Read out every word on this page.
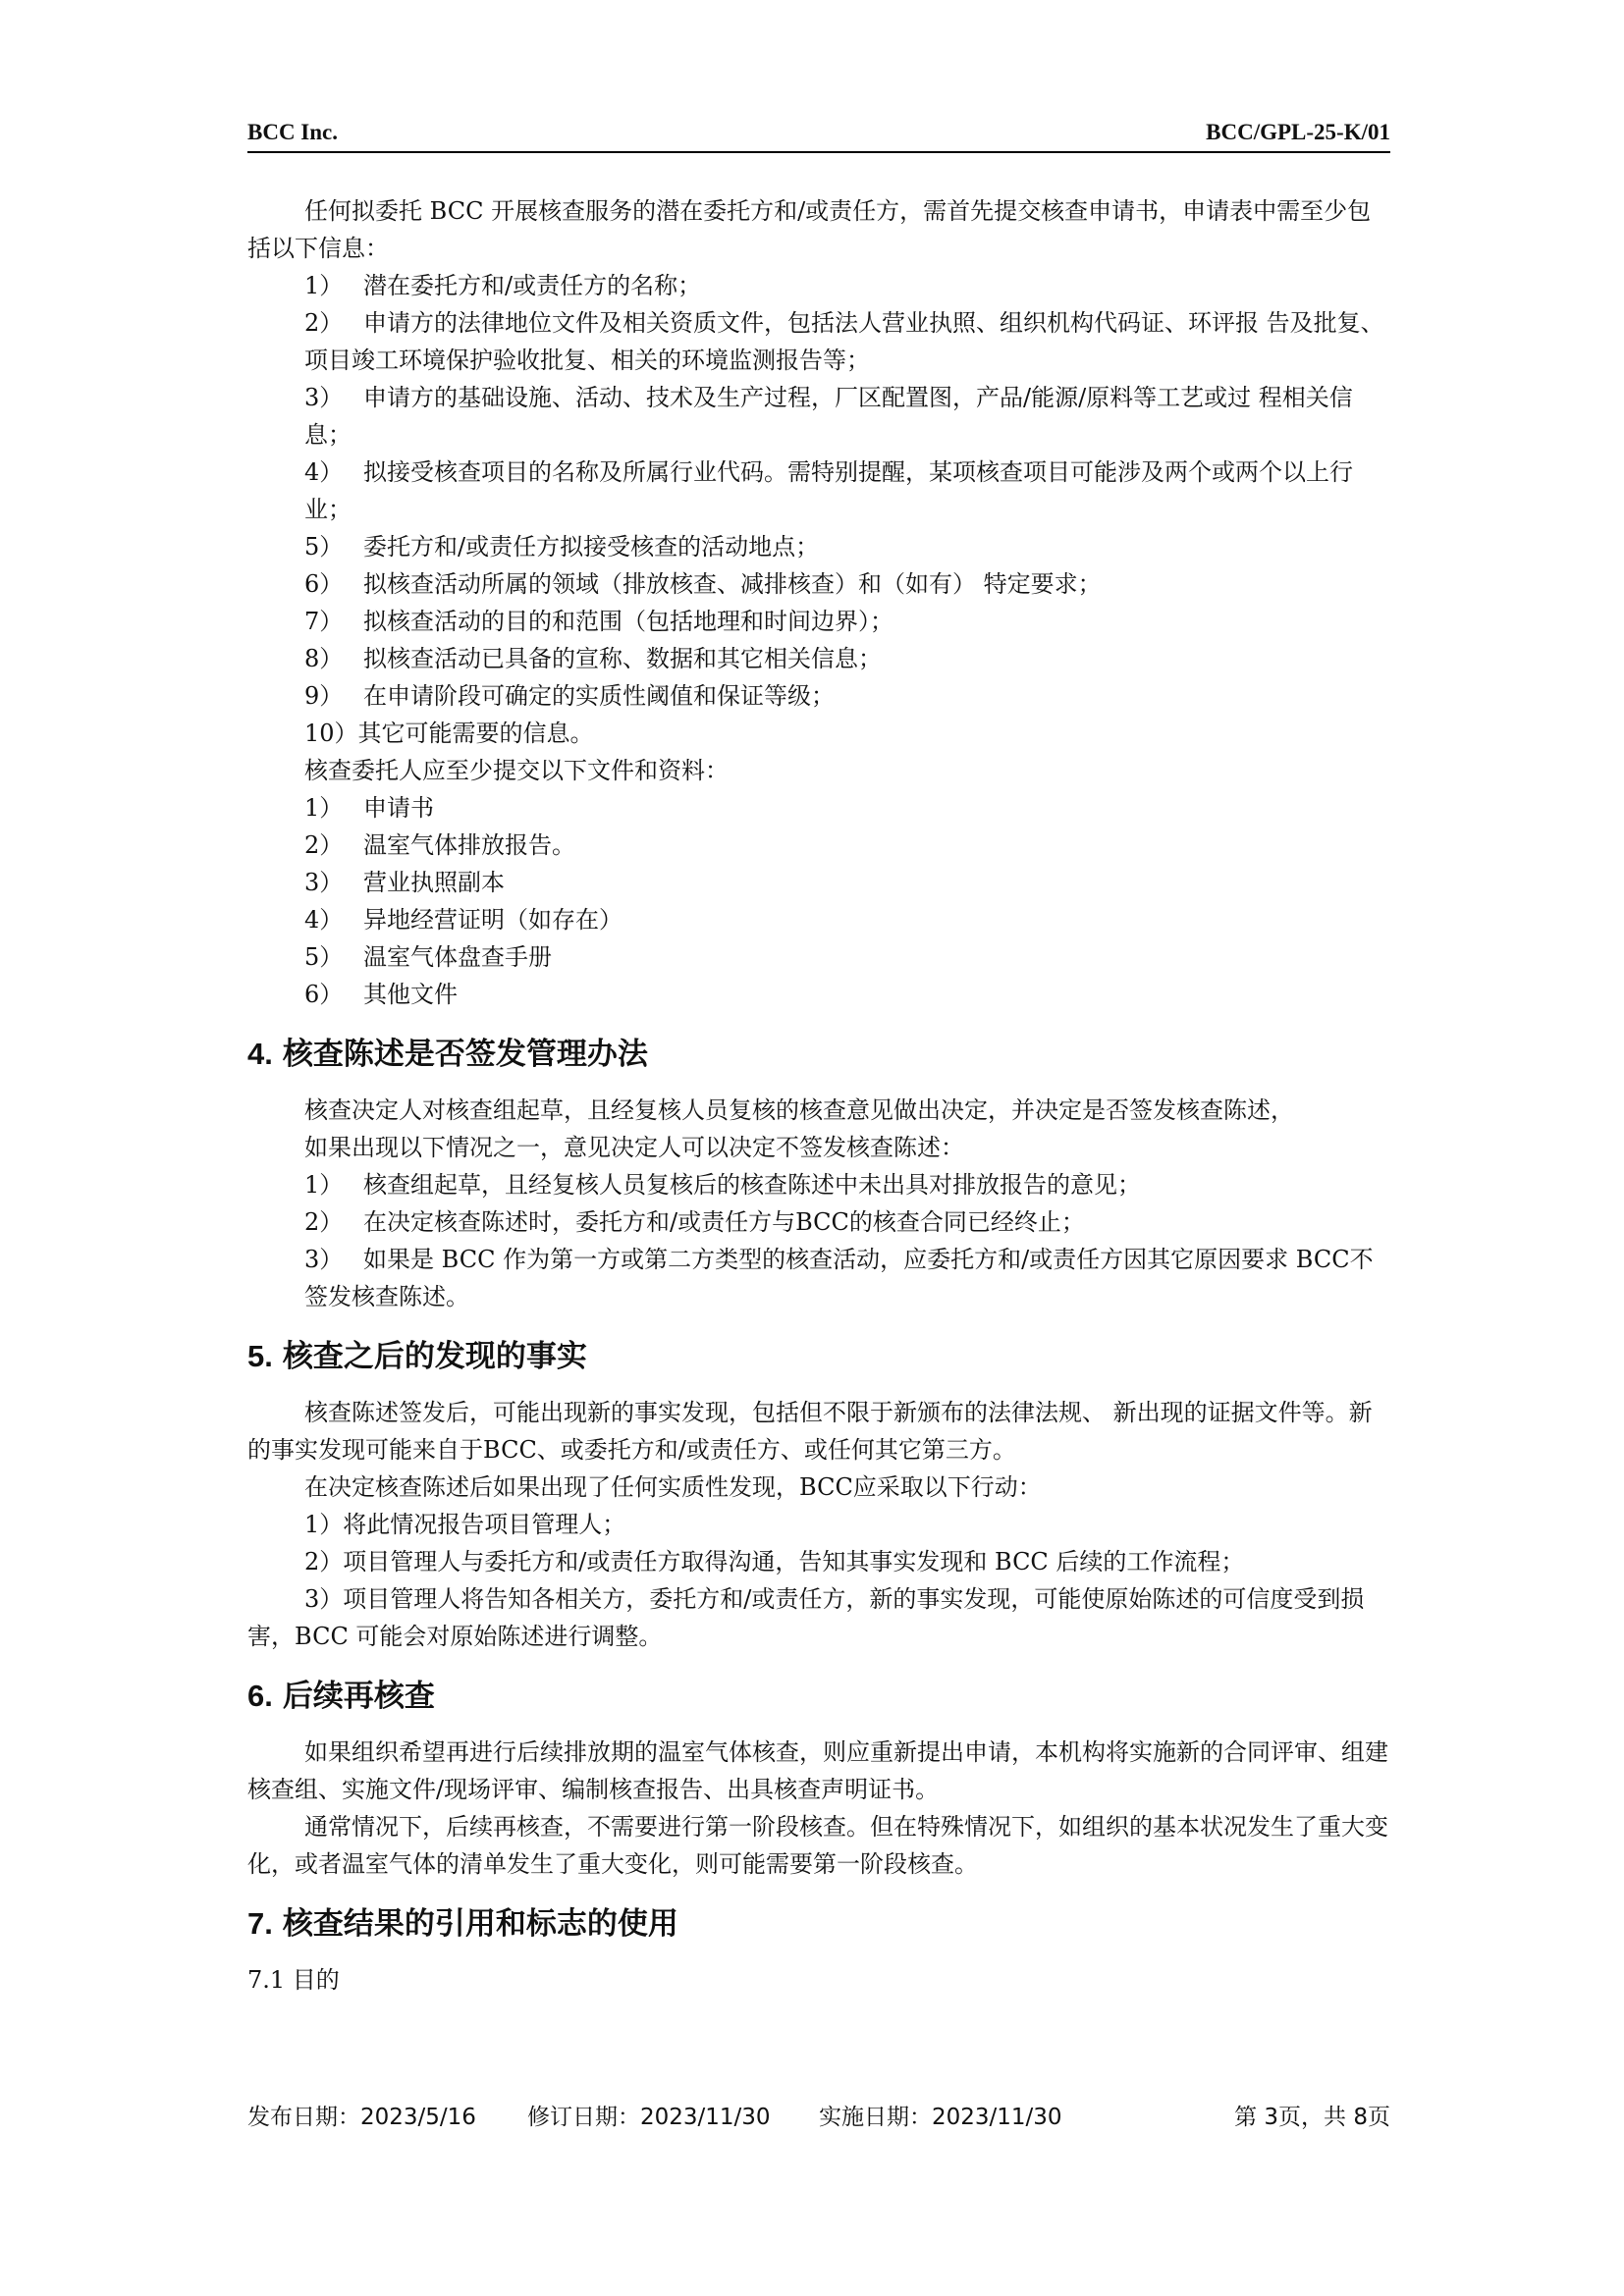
BCC Inc.	BCC/GPL-25-K/01

任何拟委托 BCC 开展核查服务的潜在委托方和/或责任方，需首先提交核查申请书，申请表中需至少包括以下信息：

1） 潜在委托方和/或责任方的名称；

2） 申请方的法律地位文件及相关资质文件，包括法人营业执照、组织机构代码证、环评报 告及批复、项目竣工环境保护验收批复、相关的环境监测报告等；

3） 申请方的基础设施、活动、技术及生产过程，厂区配置图，产品/能源/原料等工艺或过 程相关信息；

4） 拟接受核查项目的名称及所属行业代码。需特别提醒，某项核查项目可能涉及两个或两个以上行业；

5） 委托方和/或责任方拟接受核查的活动地点；

6） 拟核查活动所属的领域（排放核查、减排核查）和（如有） 特定要求；

7） 拟核查活动的目的和范围（包括地理和时间边界）；

8） 拟核查活动已具备的宣称、数据和其它相关信息；

9） 在申请阶段可确定的实质性阈值和保证等级；

10）其它可能需要的信息。

核查委托人应至少提交以下文件和资料：

1） 申请书

2） 温室气体排放报告。

3） 营业执照副本

4） 异地经营证明（如存在）

5） 温室气体盘查手册

6） 其他文件

4. 核查陈述是否签发管理办法

核查决定人对核查组起草，且经复核人员复核的核查意见做出决定，并决定是否签发核查陈述，

如果出现以下情况之一，意见决定人可以决定不签发核查陈述：

1） 核查组起草，且经复核人员复核后的核查陈述中未出具对排放报告的意见；

2） 在决定核查陈述时，委托方和/或责任方与BCC的核查合同已经终止；

3） 如果是 BCC 作为第一方或第二方类型的核查活动，应委托方和/或责任方因其它原因要求 BCC不签发核查陈述。

5. 核查之后的发现的事实

核查陈述签发后，可能出现新的事实发现，包括但不限于新颁布的法律法规、 新出现的证据文件等。新的事实发现可能来自于BCC、或委托方和/或责任方、或任何其它第三方。

在决定核查陈述后如果出现了任何实质性发现，BCC应采取以下行动：

1）将此情况报告项目管理人；

2）项目管理人与委托方和/或责任方取得沟通，告知其事实发现和 BCC 后续的工作流程；

3）项目管理人将告知各相关方，委托方和/或责任方，新的事实发现，可能使原始陈述的可信度受到损害，BCC 可能会对原始陈述进行调整。

6. 后续再核查

如果组织希望再进行后续排放期的温室气体核查，则应重新提出申请，本机构将实施新的合同评审、组建核查组、实施文件/现场评审、编制核查报告、出具核查声明证书。

通常情况下，后续再核查，不需要进行第一阶段核查。但在特殊情况下，如组织的基本状况发生了重大变化，或者温室气体的清单发生了重大变化，则可能需要第一阶段核查。

7. 核查结果的引用和标志的使用

7.1 目的

发布日期：2023/5/16 修订日期：2023/11/30 实施日期：2023/11/30	第 3页，共 8页
